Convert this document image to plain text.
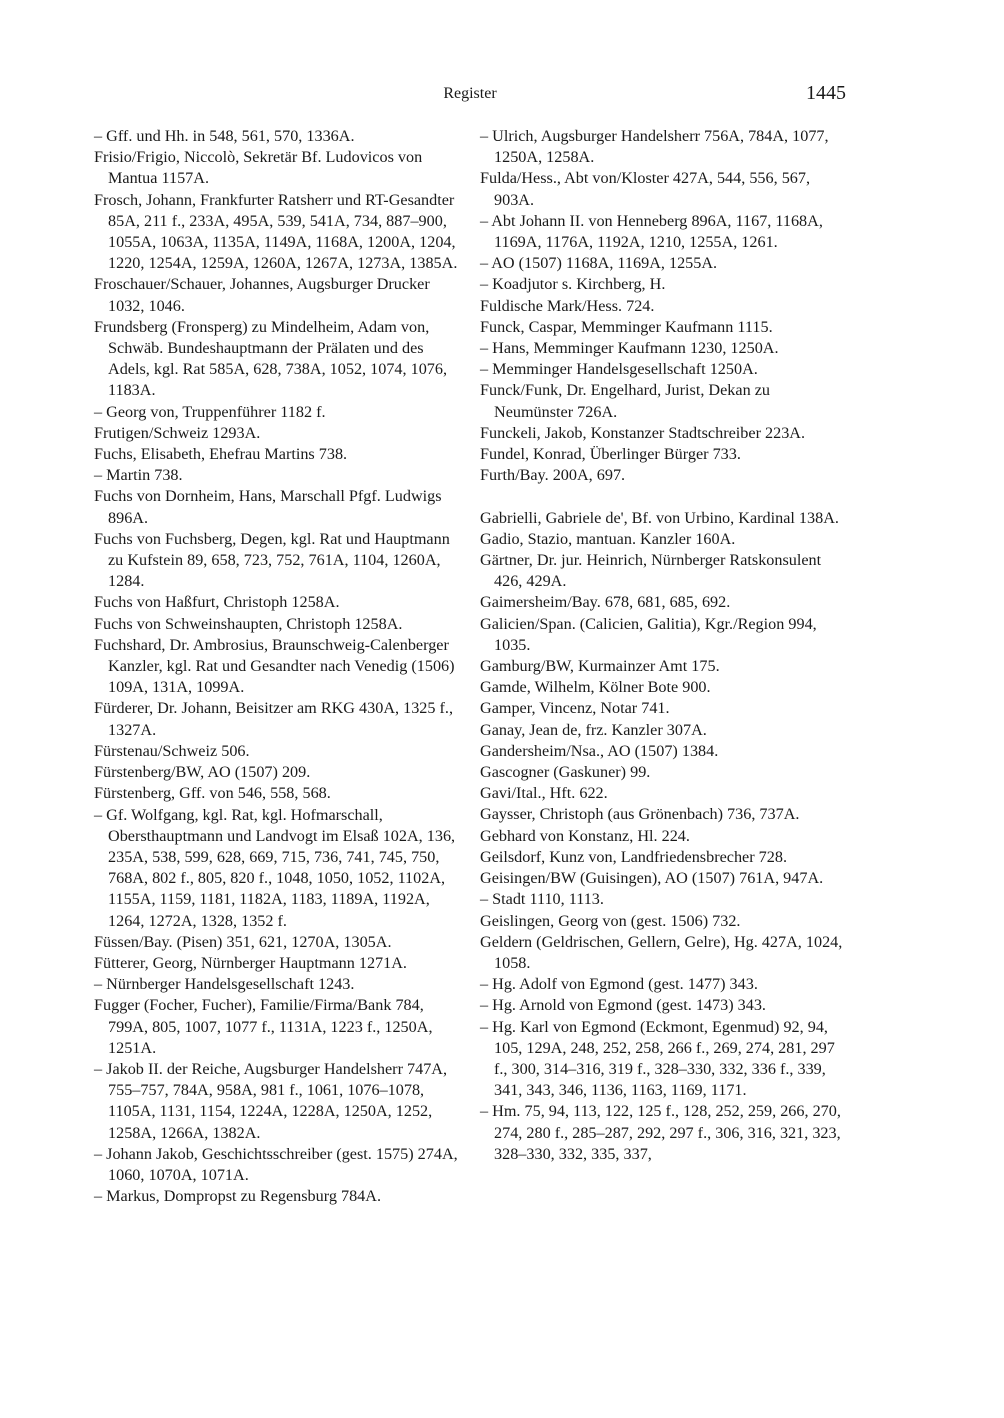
Register	1445

– Gff. und Hh. in 548, 561, 570, 1336A.

Frisio/Frigio, Niccolò, Sekretär Bf. Ludovicos von Mantua 1157A.

Frosch, Johann, Frankfurter Ratsherr und RT-Gesandter 85A, 211 f., 233A, 495A, 539, 541A, 734, 887–900, 1055A, 1063A, 1135A, 1149A, 1168A, 1200A, 1204, 1220, 1254A, 1259A, 1260A, 1267A, 1273A, 1385A.

Froschauer/Schauer, Johannes, Augsburger Drucker 1032, 1046.

Frundsberg (Fronsperg) zu Mindelheim, Adam von, Schwäb. Bundeshauptmann der Prälaten und des Adels, kgl. Rat 585A, 628, 738A, 1052, 1074, 1076, 1183A.

– Georg von, Truppenführer 1182 f.

Frutigen/Schweiz 1293A.

Fuchs, Elisabeth, Ehefrau Martins 738.

– Martin 738.

Fuchs von Dornheim, Hans, Marschall Pfgf. Ludwigs 896A.

Fuchs von Fuchsberg, Degen, kgl. Rat und Hauptmann zu Kufstein 89, 658, 723, 752, 761A, 1104, 1260A, 1284.

Fuchs von Haßfurt, Christoph 1258A.

Fuchs von Schweinshaupten, Christoph 1258A.

Fuchshard, Dr. Ambrosius, Braunschweig-Calenberger Kanzler, kgl. Rat und Gesandter nach Venedig (1506) 109A, 131A, 1099A.

Fürderer, Dr. Johann, Beisitzer am RKG 430A, 1325 f., 1327A.

Fürstenau/Schweiz 506.

Fürstenberg/BW, AO (1507) 209.

Fürstenberg, Gff. von 546, 558, 568.

– Gf. Wolfgang, kgl. Rat, kgl. Hofmarschall, Obersthauptmann und Landvogt im Elsaß 102A, 136, 235A, 538, 599, 628, 669, 715, 736, 741, 745, 750, 768A, 802 f., 805, 820 f., 1048, 1050, 1052, 1102A, 1155A, 1159, 1181, 1182A, 1183, 1189A, 1192A, 1264, 1272A, 1328, 1352 f.

Füssen/Bay. (Pisen) 351, 621, 1270A, 1305A.

Fütterer, Georg, Nürnberger Hauptmann 1271A.

– Nürnberger Handelsgesellschaft 1243.

Fugger (Focher, Fucher), Familie/Firma/Bank 784, 799A, 805, 1007, 1077 f., 1131A, 1223 f., 1250A, 1251A.

– Jakob II. der Reiche, Augsburger Handelsherr 747A, 755–757, 784A, 958A, 981 f., 1061, 1076–1078, 1105A, 1131, 1154, 1224A, 1228A, 1250A, 1252, 1258A, 1266A, 1382A.

– Johann Jakob, Geschichtsschreiber (gest. 1575) 274A, 1060, 1070A, 1071A.

– Markus, Dompropst zu Regensburg 784A.

– Ulrich, Augsburger Handelsherr 756A, 784A, 1077, 1250A, 1258A.

Fulda/Hess., Abt von/Kloster 427A, 544, 556, 567, 903A.

– Abt Johann II. von Henneberg 896A, 1167, 1168A, 1169A, 1176A, 1192A, 1210, 1255A, 1261.

– AO (1507) 1168A, 1169A, 1255A.

– Koadjutor s. Kirchberg, H.

Fuldische Mark/Hess. 724.

Funck, Caspar, Memminger Kaufmann 1115.

– Hans, Memminger Kaufmann 1230, 1250A.

– Memminger Handelsgesellschaft 1250A.

Funck/Funk, Dr. Engelhard, Jurist, Dekan zu Neumünster 726A.

Funckeli, Jakob, Konstanzer Stadtschreiber 223A.

Fundel, Konrad, Überlinger Bürger 733.

Furth/Bay. 200A, 697.

Gabrielli, Gabriele de', Bf. von Urbino, Kardinal 138A.

Gadio, Stazio, mantuan. Kanzler 160A.

Gärtner, Dr. jur. Heinrich, Nürnberger Ratskonsulent 426, 429A.

Gaimersheim/Bay. 678, 681, 685, 692.

Galicien/Span. (Calicien, Galitia), Kgr./Region 994, 1035.

Gamburg/BW, Kurmainzer Amt 175.

Gamde, Wilhelm, Kölner Bote 900.

Gamper, Vincenz, Notar 741.

Ganay, Jean de, frz. Kanzler 307A.

Gandersheim/Nsa., AO (1507) 1384.

Gascogner (Gaskuner) 99.

Gavi/Ital., Hft. 622.

Gaysser, Christoph (aus Grönenbach) 736, 737A.

Gebhard von Konstanz, Hl. 224.

Geilsdorf, Kunz von, Landfriedensbrecher 728.

Geisingen/BW (Guisingen), AO (1507) 761A, 947A.

– Stadt 1110, 1113.

Geislingen, Georg von (gest. 1506) 732.

Geldern (Geldrischen, Gellern, Gelre), Hg. 427A, 1024, 1058.

– Hg. Adolf von Egmond (gest. 1477) 343.

– Hg. Arnold von Egmond (gest. 1473) 343.

– Hg. Karl von Egmond (Eckmont, Egenmud) 92, 94, 105, 129A, 248, 252, 258, 266 f., 269, 274, 281, 297 f., 300, 314–316, 319 f., 328–330, 332, 336 f., 339, 341, 343, 346, 1136, 1163, 1169, 1171.

– Hm. 75, 94, 113, 122, 125 f., 128, 252, 259, 266, 270, 274, 280 f., 285–287, 292, 297 f., 306, 316, 321, 323, 328–330, 332, 335, 337,
